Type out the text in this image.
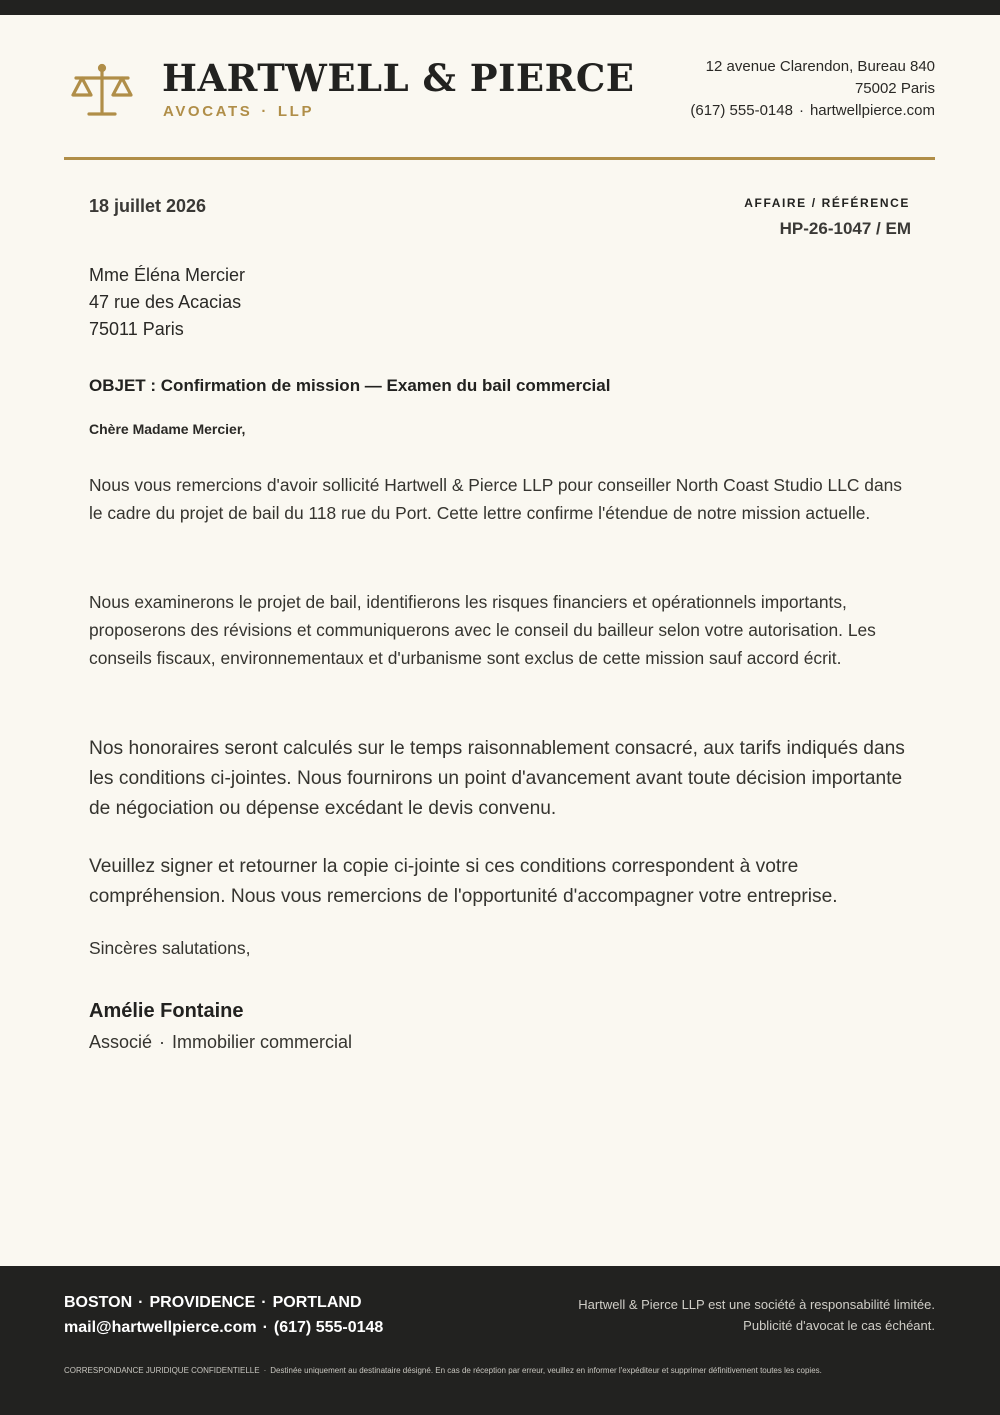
HARTWELL & PIERCE
AVOCATS · LLP
12 avenue Clarendon, Bureau 840
75002 Paris
(617) 555-0148 · hartwellpierce.com
18 juillet 2026	AFFAIRE / RÉFÉRENCE
HP-26-1047 / EM
Mme Éléna Mercier
47 rue des Acacias
75011 Paris
OBJET : Confirmation de mission — Examen du bail commercial
Chère Madame Mercier,
Nous vous remercions d'avoir sollicité Hartwell & Pierce LLP pour conseiller North Coast Studio LLC dans le cadre du projet de bail du 118 rue du Port. Cette lettre confirme l'étendue de notre mission actuelle.
Nous examinerons le projet de bail, identifierons les risques financiers et opérationnels importants, proposerons des révisions et communiquerons avec le conseil du bailleur selon votre autorisation. Les conseils fiscaux, environnementaux et d'urbanisme sont exclus de cette mission sauf accord écrit.
Nos honoraires seront calculés sur le temps raisonnablement consacré, aux tarifs indiqués dans les conditions ci-jointes. Nous fournirons un point d'avancement avant toute décision importante de négociation ou dépense excédant le devis convenu.
Veuillez signer et retourner la copie ci-jointe si ces conditions correspondent à votre compréhension. Nous vous remercions de l'opportunité d'accompagner votre entreprise.
Sincères salutations,
Amélie Fontaine
Associé · Immobilier commercial
BOSTON · PROVIDENCE · PORTLAND
mail@hartwellpierce.com · (617) 555-0148
Hartwell & Pierce LLP est une société à responsabilité limitée.
Publicité d'avocat le cas échéant.
CORRESPONDANCE JURIDIQUE CONFIDENTIELLE · Destinée uniquement au destinataire désigné. En cas de réception par erreur, veuillez en informer l'expéditeur et supprimer définitivement toutes les copies.
